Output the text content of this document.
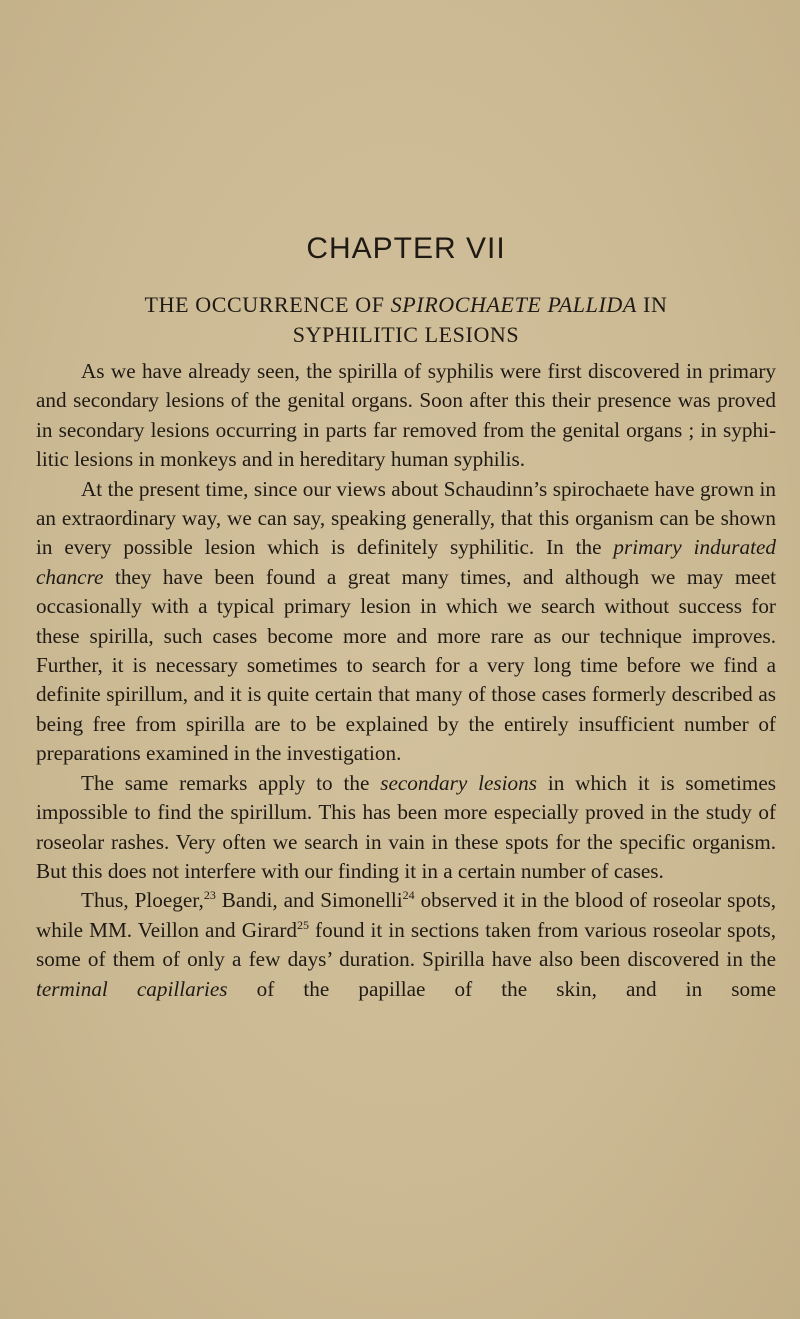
CHAPTER VII
THE OCCURRENCE OF SPIROCHAETE PALLIDA IN
SYPHILITIC LESIONS

As we have already seen, the spirilla of syphilis were first discovered in primary and secondary lesions of the genital organs. Soon after this their presence was proved in secondary lesions occurring in parts far removed from the genital organs ; in syphi-litic lesions in monkeys and in hereditary human syphilis.

At the present time, since our views about Schaudinn’s spirochaete have grown in an extraordinary way, we can say, speaking generally, that this organism can be shown in every possible lesion which is definitely syphilitic. In the primary indurated chancre they have been found a great many times, and although we may meet occasionally with a typical primary lesion in which we search without success for these spirilla, such cases become more and more rare as our technique improves. Further, it is necessary sometimes to search for a very long time before we find a definite spirillum, and it is quite certain that many of those cases formerly described as being free from spirilla are to be explained by the entirely insufficient number of preparations examined in the investigation.

The same remarks apply to the secondary lesions in which it is sometimes impossible to find the spirillum. This has been more especially proved in the study of roseolar rashes. Very often we search in vain in these spots for the specific organism. But this does not interfere with our finding it in a certain number of cases.

Thus, Ploeger,$^{23}$ Bandi, and Simonelli$^{24}$ observed it in the blood of roseolar spots, while MM. Veillon and Girard$^{25}$ found it in sections taken from various roseolar spots, some of them of only a few days’ duration. Spirilla have also been discovered in the terminal capillaries of the papillae of the skin, and in some
